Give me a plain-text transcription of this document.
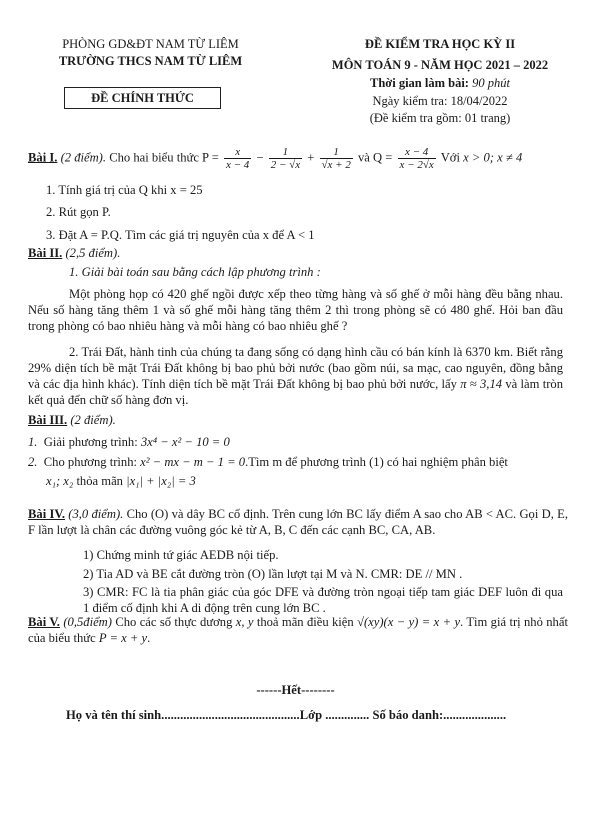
PHÒNG GD&ĐT NAM TỪ LIÊM
TRƯỜNG THCS NAM TỪ LIÊM
ĐỀ CHÍNH THỨC
ĐỀ KIỂM TRA HỌC KỲ II
MÔN TOÁN 9 - NĂM HỌC 2021 – 2022
Thời gian làm bài: 90 phút
Ngày kiểm tra: 18/04/2022
(Đề kiểm tra gồm: 01 trang)
Bài I. (2 điểm). Cho hai biểu thức $P = \frac{x}{x - 4} - \frac{1}{2 - √x} + \frac{1}{√x + 2}$ và $Q = \frac{x - 4}{x - 2√x}$ Với x > 0; x ≠ 4
1. Tính giá trị của Q khi x = 25
2. Rút gọn P.
3. Đặt A = P.Q. Tìm các giá trị nguyên của x để A < 1
Bài II. (2,5 điểm).
1. Giải bài toán sau bằng cách lập phương trình :
Một phòng họp có 420 ghế ngồi được xếp theo từng hàng và số ghế ở mỗi hàng đều bằng nhau. Nếu số hàng tăng thêm 1 và số ghế mỗi hàng tăng thêm 2 thì trong phòng sẽ có 480 ghế. Hỏi ban đầu trong phòng có bao nhiêu hàng và mỗi hàng có bao nhiêu ghế ?
2. Trái Đất, hành tinh của chúng ta đang sống có dạng hình cầu có bán kính là 6370 km. Biết rằng 29% diện tích bề mặt Trái Đất không bị bao phủ bởi nước (bao gồm núi, sa mạc, cao nguyên, đồng bằng và các địa hình khác). Tính diện tích bề mặt Trái Đất không bị bao phủ bởi nước, lấy π ≈ 3,14 và làm tròn kết quả đến chữ số hàng đơn vị.
Bài III. (2 điểm).
1. Giải phương trình: 3x⁴ − x² − 10 = 0
2. Cho phương trình: x² − mx − m − 1 = 0.Tìm m để phương trình (1) có hai nghiệm phân biệt
x₁; x₂ thỏa mãn |x₁| + |x₂| = 3
Bài IV. (3,0 điểm). Cho (O) và dây BC cố định. Trên cung lớn BC lấy điểm A sao cho AB < AC. Gọi D, E, F lần lượt là chân các đường vuông góc kẻ từ A, B, C đến các cạnh BC, CA, AB.
1) Chứng minh tứ giác AEDB nội tiếp.
2) Tia AD và BE cắt đường tròn (O) lần lượt tại M và N. CMR: DE // MN .
3) CMR: FC là tia phân giác của góc DFE và đường tròn ngoại tiếp tam giác DEF luôn đi qua 1 điểm cố định khi A di động trên cung lớn BC .
Bài V. (0,5điểm) Cho các số thực dương x, y thoả mãn điều kiện √(xy)(x − y) = x + y. Tìm giá trị nhỏ nhất của biểu thức P = x + y.
------Hết--------
Họ và tên thí sinh............................................Lớp .............. Số báo danh:....................
